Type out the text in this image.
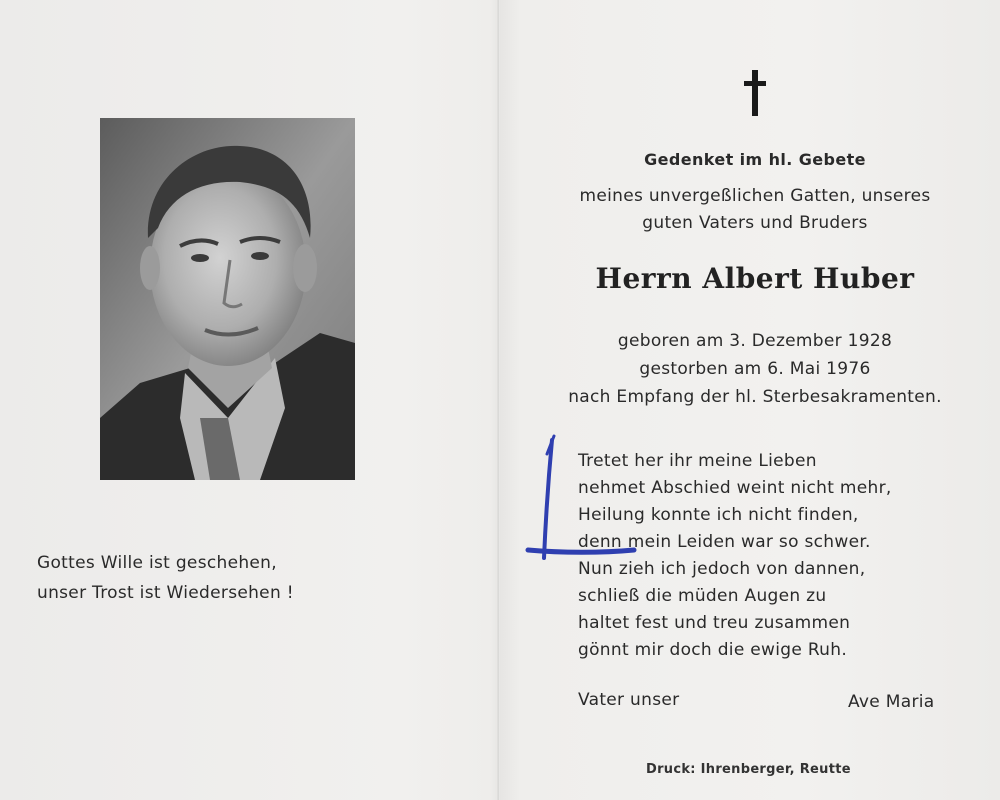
Gottes Wille ist geschehen,
unser Trost ist Wiedersehen !
Gedenket im hl. Gebete
meines unvergeßlichen Gatten, unseres
guten Vaters und Bruders
Herrn Albert Huber
geboren am 3. Dezember 1928
gestorben am 6. Mai 1976
nach Empfang der hl. Sterbesakramenten.
Tretet her ihr meine Lieben
nehmet Abschied weint nicht mehr,
Heilung konnte ich nicht finden,
denn mein Leiden war so schwer.
Nun zieh ich jedoch von dannen,
schließ die müden Augen zu
haltet fest und treu zusammen
gönnt mir doch die ewige Ruh.
Vater unser	Ave Maria
Druck: Ihrenberger, Reutte
